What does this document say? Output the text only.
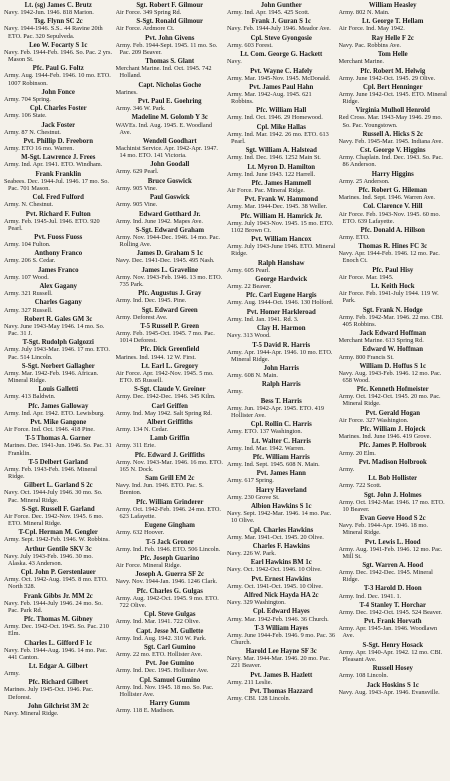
Lt. (sg) James C. Brutz
Navy. 1942-Jun. 1946. 818 Marion.
Tsg. Flynn SC 2c
Navy. 1944-1946. S.S.. 44 Ravine 20th ETO. Pac. 320 Sepulveda.
Leo W. Focarty S 1c
Navy. Feb. 1944-Feb. 1946. So. Pac. 2 yrs. Mason St.
Pfc. Paul G. Foltz
Army. Aug. 1944-Feb. 1946. 10 mo. ETO. 1007 Robinson.
John Fonce
Army. 704 Spring.
Cpl. Charles Foster
Army. 106 State.
Jack Foster
Army. 87 N. Chestnut.
Pvt. Phillip D. Freeborn
Army. ETO 16 mo. Warren.
M-Sgt. Lawrence J. Frees
Army. Ind. Apr. 1941. ETO. Windham.
Frank Franklin
Seabees. Dec. 1944-Jul. 1946. 17 mo. So. Pac. 701 Mason.
Col. Fred Fulford
Army. N. Chestnut.
Pvt. Richard F. Fulton
Army. Feb. 1945-Jul. 1946. ETO. 920 Pearl.
Pvt. Fuoss Fuoss
Army. 104 Fulton.
Anthony Franco
Army. 206 S. Cedar.
James Franco
Army. 107 Wood.
Alex Gagany
Army. 321 Russell.
Charles Gagany
Army. 327 Russell.
Robert R. Gales GM 3c
Navy. June 1943-May 1946. 14 mo. So. Pac. 31 J.
T-Sgt. Rudolph Galgozzi
Army. July 1943-Mar. 1946. 17 mo. ETO. Pac. 514 Lincoln.
S-Sgt. Norbert Gallagher
Army. Mar. 1942-Feb. 1946. African. Mineral Ridge.
Louis Galletti
Army. 413 Baldwin.
Pfc. James Galloway
Army. Ind. Apr. 1942. ETO. Lewisburg.
Pvt. Mike Gangone
Air Force. Ind. Oct. 1946. 418 Pine.
T-5 Thomas A. Garner
Marines. Dec. 1941-Jun. 1946. So. Pac. 31 Franklin.
T-5 Delbert Garland
Army. Feb. 1943-Feb. 1946. Mineral Ridge.
Gilbert L. Garland S 2c
Navy. Oct. 1944-July 1946. 30 mo. So. Pac. Mineral Ridge.
S-Sgt. Russell F. Garland
Air Force. Dec. 1942-Nov. 1945. 6 mo. ETO. Mineral Ridge.
T-Cpl. Herman M. Gengler
Army. Sept. 1942-Feb. 1946. W. Robbins.
Arthur Gentile SKV 3c
Navy. July 1943-Feb. 1946. 30 mo. Alaska. 43 Anderson.
Cpl. John P. Gerstenlauer
Army. Oct. 1942-Aug. 1945. 8 mo. ETO. North 328.
Frank Gibbs Jr. MM 2c
Navy. Feb. 1944-July 1946. 24 mo. So. Pac. Park Rd.
Pfc. Thomas M. Gibney
Army. Dec. 1942-Oct. 1945. So. Pac. 210 Elm.
Charles L. Gifford F 1c
Navy. Feb. 1944-Aug. 1946. 14 mo. Pac. 441 Canton.
Lt. Edgar A. Gilbert
Army.
Pfc. Richard Gilbert
Marines. July 1945-Oct. 1946. Pac. Deforest.
John Gilchrist 3M 2c
Navy. Mineral Ridge.
Sgt. Robert F. Gilmour
Air Force. 349 Spring Rd.
S-Sgt. Ronald Gilmour
Air Force. Ardmore Ct.
Pvt. John Givens
Army. Feb. 1944-Sept. 1945. 11 mo. So. Pac. 209 Beaver.
Thomas S. Glant
Merchant Marine. Ind. Oct. 1945. 742 Holland.
Capt. Nicholas Goche
Marines.
Pvt. Paul E. Goehring
Army. 346 W. Park.
Madeline M. Golomb Y 3c
WAVEs. Ind. Aug. 1945. E. Woodland Ave.
Wendell Goodhart
Machinist Service. Apr. 1942-Apr. 1947. 14 mo. ETO. 141 Victoria.
John Goodall
Army. 629 Pearl.
Bruce Goswick
Army. 905 Vine.
Paul Goswick
Army. 905 Vine.
Edward Gotthard Jr.
Army. Ind. June 1942. Mapes Ave.
S-Sgt. Edward Graham
Army. Nov. 1944-Dec. 1946. 14 mo. Pac. Rolling Ave.
James D. Graham S 1c
Navy. Dec. 1941-Dec. 1945. 495 Nash.
James L. Graveline
Army. Nov. 1943-Feb. 1946. 13 mo. ETO. 735 Park.
Pfc. Augustus J. Gray
Army. Ind. Dec. 1945. Pine.
Sgt. Edward Green
Army. Deforest Ave.
T-5 Russell P. Green
Army. Feb. 1945-Oct. 1945. 7 mo. Pac. 1014 Deforest.
Pfc. Dick Greenfield
Marines. Ind. 1944. 12 W. First.
Lt. Earl L. Gregory
Air Force. Apr. 1942-Nov. 1945. 5 mo. ETO. 85 Russell.
S-Sgt. Claude V. Greiner
Army. Dec. 1942-Dec. 1946. 345 Kilm.
Carl Griffen
Army. Ind. May 1942. Salt Spring Rd.
Albert Griffiths
Army. 134 N. Cedar.
Lamb Griffin
Army. 311 Erie.
Pfc. Edward J. Griffiths
Army. Nov. 1943-Mar. 1946. 16 mo. ETO. 165 N. Dock.
Sam Grill EM 2c
Navy. Ind. Jun. 1946. ETO. Pac. S. Brenton.
Pfc. William Grinderer
Army. Oct. 1942-Feb. 1946. 24 mo. ETO. 623 Lafayette.
Eugene Gingham
Army. 632 Hoover.
T-5 Jack Groner
Army. Ind. Feb. 1946. ETO. 506 Lincoln.
Pfc. Joseph Guarino
Air Force. Mineral Ridge.
Joseph A. Guerra SF 2c
Navy. Nov. 1944-Jan. 1946. 1246 Clark.
Pfc. Charles G. Gulgas
Army. Aug. 1942-Oct. 1945. 9 mo. ETO. 722 Olive.
Cpl. Steve Gulgas
Army. Ind. Mar. 1941. 722 Olive.
Capt. Jesse M. Gullette
Army. Ind. Aug. 1942. 310 W. Park.
Sgt. Carl Gumino
Army. 22 mo. ETO. Hollister Ave.
Pvt. Joe Gumino
Army. Ind. Dec. 1945. Hollister Ave.
Cpl. Samuel Gumino
Army. Ind. Nov. 1945. 18 mo. So. Pac. Hollister Ave.
Harry Gumm
Army. 118 E. Madison.
John Gunther
Army. Ind. Apr. 1945. 425 Scott.
Frank J. Guran S 1c
Navy. Feb. 1944-July 1946. Meador Ave.
Cpl. Steve Gyongosie
Army. 603 Forest.
Lt. Com. George G. Hackett
Navy.
Pvt. Wayne C. Hafely
Army. Mar. 1945-Nov. 1945. McDonald.
Pvt. James Paul Hahn
Army. Mar. 1942-Aug. 1945. 621 Robbins.
Pfc. William Hall
Army. Ind. Oct. 1946. 29 Homewood.
Cpl. Mike Hallas
Army. Ind. Mar. 1942. 26 mo. ETO. 613 Pearl.
Sgt. William A. Halstead
Army. Ind. Dec. 1946. 1252 Main St.
Lt. Myron D. Hamilton
Army. Ind. June 1943. 122 Harrell.
Pfc. James Hammell
Air Force. Pac. Mineral Ridge.
Pvt. Frank W. Hammond
Army. Mar. 1944-Dec. 1945. 38 Weller.
Pfc. William H. Hamrick Jr.
Army. July 1943-Nov. 1945. 15 mo. ETO. 1102 Brown Ct.
Pvt. William Hancox
Army. July 1943-June 1946. ETO. Mineral Ridge.
Ralph Hanshaw
Army. 605 Pearl.
George Hardwick
Army. 22 Beaver.
Pfc. Carl Eugene Hargis
Army. Aug. 1944-Oct. 1946. 130 Holford.
Pvt. Homer Harkleroad
Army. Ind. Jan. 1941. Rd. 3.
Clay H. Harmon
Navy. 313 Wood.
T-5 David R. Harris
Army. Apr. 1944-Apr. 1946. 10 mo. ETO. Mineral Ridge.
John Harris
Army. 608 N. Main.
Ralph Harris
Army.
Bess T. Harris
Army. Jun. 1942-Apr. 1945. ETO. 419 Hollister Ave.
Cpl. Rollin C. Harris
Army. ETO. 137 Washington.
Lt. Walter C. Harris
Army. Ind. Mar. 1942. Warren.
Pfc. William Harris
Army. Ind. Sept. 1945. 608 N. Main.
Pvt. James Hann
Army. 617 Spring.
Harry Haverland
Army. 230 Grove St.
Albion Hawkins S 1c
Navy. Sept. 1942-Mar. 1946. 14 mo. Pac. 10 Olive.
Cpl. Charles Hawkins
Army. Mar. 1941-Oct. 1945. 20 Olive.
Charles F. Hawkins
Navy. 226 W. Park.
Earl Hawkins BM 1c
Navy. Oct. 1942-Oct. 1946. 10 Olive.
Pvt. Ernest Hawkins
Army. Oct. 1941-Oct. 1945. 10 Olive.
Alfred Nick Hayda HA 2c
Navy. 329 Washington.
Cpl. Edward Hayes
Army. Mar. 1942-Feb. 1946. 36 Church.
T-3 William Hayes
Army. June 1944-Feb. 1946. 9 mo. Pac. 36 Church.
Harold Lee Hayne SF 3c
Navy. Mar. 1944-Mar. 1946. 20 mo. Pac. 221 Beaver.
Pvt. James B. Hazlett
Army. 211 Leslie.
Pvt. Thomas Hazzard
Army. CBI. 128 Lincoln.
William Heasley
Army. 802 N. Main.
Lt. George T. Hellam
Air Force. Ind. May 1942.
Ray Helle F 2c
Navy. Pac. Robbins Ave.
Tom Helle
Merchant Marine.
Pfc. Robert M. Helwig
Army. June 1942-Oct. 1945. 29 Olive.
Cpl. Bert Henninger
Army. June 1942-Oct. 1945. ETO. Mineral Ridge.
Virginia Mulholl Henrold
Red Cross. Mar. 1943-May 1946. 29 mo. So. Pac. Youngstown.
Russell A. Hicks S 2c
Navy. Feb. 1945-Mar. 1945. Indiana Ave.
Cst. George V. Higgins
Army. Chaplain. Ind. Dec. 1943. So. Pac. 86 Anderson.
Harry Higgins
Army. 25 Anderson.
Pfc. Robert G. Hileman
Marines. Ind. Sept. 1946. Warren Ave.
Col. Clarence V. Hill
Air Force. Feb. 1943-Nov. 1945. 60 mo. ETO. 639 Lafayette.
Pfc. Donald A. Hillson
Army. ETO.
Thomas R. Hines FC 3c
Navy. Apr. 1944-Feb. 1946. 12 mo. Pac. Enoch Ct.
Pfc. Paul Hisy
Air Force. Mar. 1945.
Lt. Keith Hock
Air Force. Feb. 1941-July 1944. 119 W. Park.
Sgt. Frank N. Hodge
Army. Feb. 1942-Mar. 1946. 22 mo. CBI. 405 Robbins.
Jack Edward Hoffman
Merchant Marine. 613 Spring Rd.
Edward W. Hoffman
Army. 800 Francis St.
William D. Hoffus S 1c
Navy. Aug. 1943-Feb. 1946. 12 mo. Pac. 658 Wood.
Pfc. Kenneth Hofmeister
Army. Oct. 1942-Oct. 1945. 20 mo. Pac. Mineral Ridge.
Pvt. Gerald Hogan
Air Force. 327 Washington.
Pfc. William J. Hojeck
Marines. Ind. June 1946. 419 Grove.
Pfc. James P. Holbrook
Army. 20 Elm.
Pvt. Madison Holbrook
Army.
Lt. Bob Hollister
Army. 722 Scott.
Sgt. John J. Holmes
Army. Oct. 1942-Mar. 1946. 17 mo. ETO. 10 Beaver.
Evan Geeve Hood S 2c
Navy. Feb. 1944-Apr. 1946. 18 mo. Mineral Ridge.
Pvt. Lewis L. Hood
Army. Aug. 1941-Feb. 1946. 12 mo. Pac. Mill St.
Sgt. Warren A. Hood
Army. Dec. 1942-Dec. 1945. Mineral Ridge.
T-3 Harold D. Hoon
Army. Ind. Dec. 1941. 1.
T-4 Stanley T. Horchar
Army. Dec. 1942-Oct. 1945. 524 Beaver.
Pvt. Frank Horvath
Army. Apr. 1945-Jan. 1946. Woodlawn Ave.
S-Sgt. Henry Hosack
Army. Apr. 1940-Apr. 1942. 12 mo. CBI. Pleasant Ave.
Russell Hosey
Army. 108 Lincoln.
Jack Hoskins S 1c
Navy. Aug. 1943-Apr. 1946. Evansville.
